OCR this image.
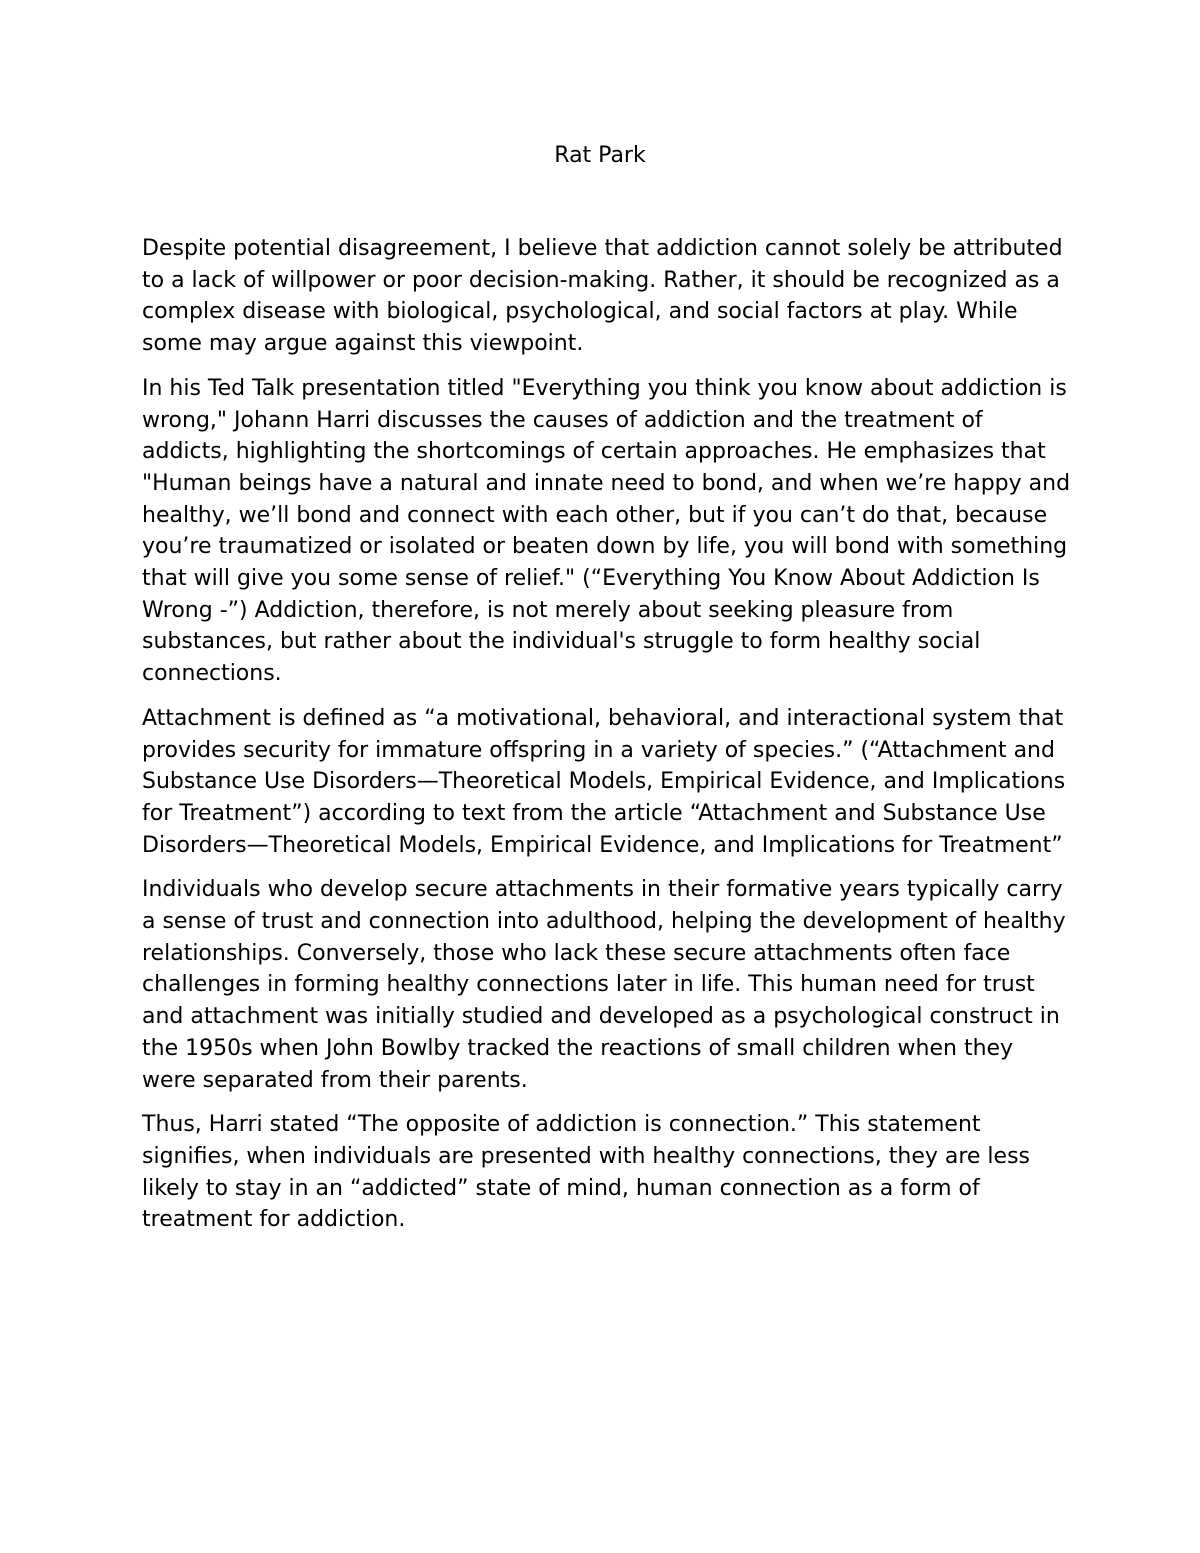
Rat Park

Despite potential disagreement, I believe that addiction cannot solely be attributed to a lack of willpower or poor decision-making. Rather, it should be recognized as a complex disease with biological, psychological, and social factors at play. While some may argue against this viewpoint.

In his Ted Talk presentation titled "Everything you think you know about addiction is wrong," Johann Harri discusses the causes of addiction and the treatment of addicts, highlighting the shortcomings of certain approaches. He emphasizes that "Human beings have a natural and innate need to bond, and when we’re happy and healthy, we’ll bond and connect with each other, but if you can’t do that, because you’re traumatized or isolated or beaten down by life, you will bond with something that will give you some sense of relief." (“Everything You Know About Addiction Is Wrong -”) Addiction, therefore, is not merely about seeking pleasure from substances, but rather about the individual's struggle to form healthy social connections.

Attachment is defined as “a motivational, behavioral, and interactional system that provides security for immature offspring in a variety of species.” (“Attachment and Substance Use Disorders—Theoretical Models, Empirical Evidence, and Implications for Treatment”) according to text from the article “Attachment and Substance Use Disorders—Theoretical Models, Empirical Evidence, and Implications for Treatment”

Individuals who develop secure attachments in their formative years typically carry a sense of trust and connection into adulthood, helping the development of healthy relationships. Conversely, those who lack these secure attachments often face challenges in forming healthy connections later in life. This human need for trust and attachment was initially studied and developed as a psychological construct in the 1950s when John Bowlby tracked the reactions of small children when they were separated from their parents.

Thus, Harri stated “The opposite of addiction is connection.” This statement signifies, when individuals are presented with healthy connections, they are less likely to stay in an “addicted” state of mind, human connection as a form of treatment for addiction.
